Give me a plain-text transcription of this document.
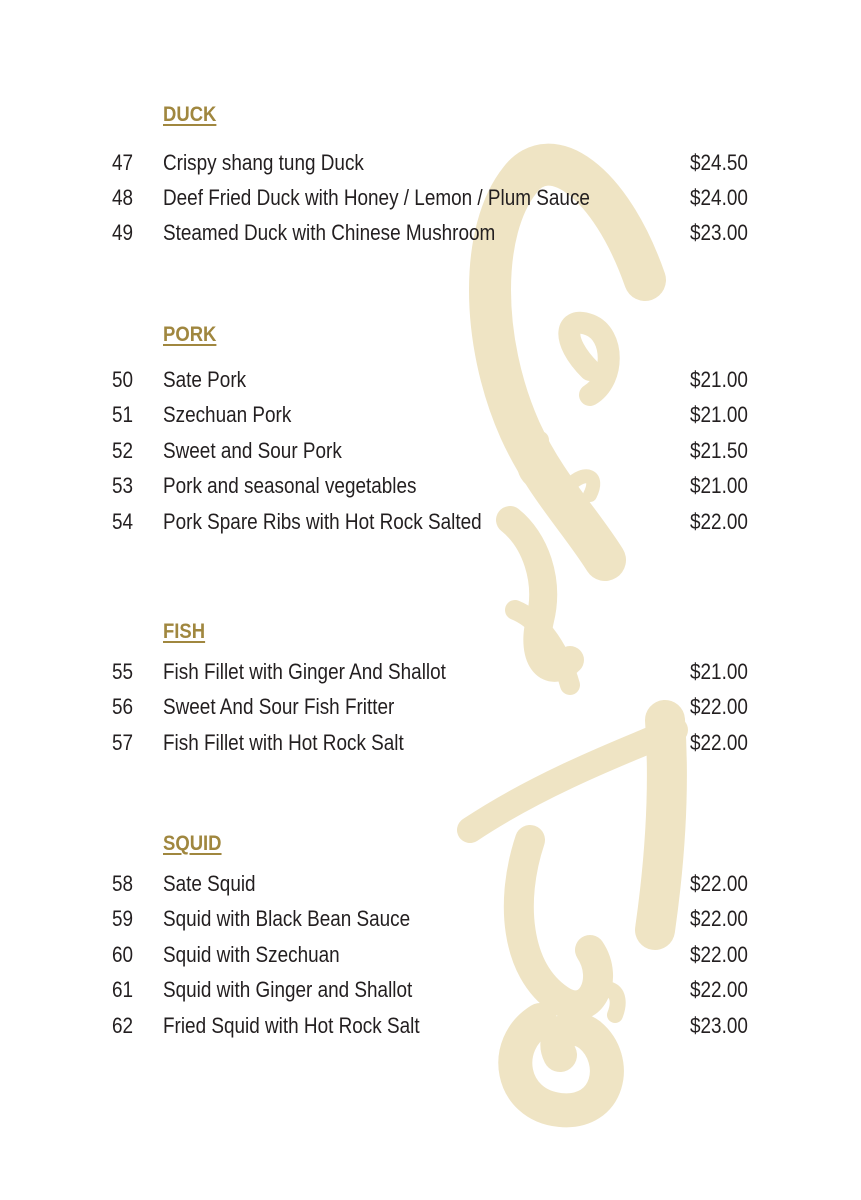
DUCK
47 Crispy shang tung Duck	$24.50
48 Deef Fried Duck with Honey / Lemon / Plum Sauce	$24.00
49 Steamed Duck with Chinese Mushroom	$23.00
PORK
50 Sate Pork	$21.00
51 Szechuan Pork	$21.00
52 Sweet and Sour Pork	$21.50
53 Pork and seasonal vegetables	$21.00
54 Pork Spare Ribs with Hot Rock Salted	$22.00
FISH
55 Fish Fillet with Ginger And Shallot	$21.00
56 Sweet And Sour Fish Fritter	$22.00
57 Fish Fillet with Hot Rock Salt	$22.00
SQUID
58 Sate Squid	$22.00
59 Squid with Black Bean Sauce	$22.00
60 Squid with Szechuan	$22.00
61 Squid with Ginger and Shallot	$22.00
62 Fried Squid with Hot Rock Salt	$23.00
